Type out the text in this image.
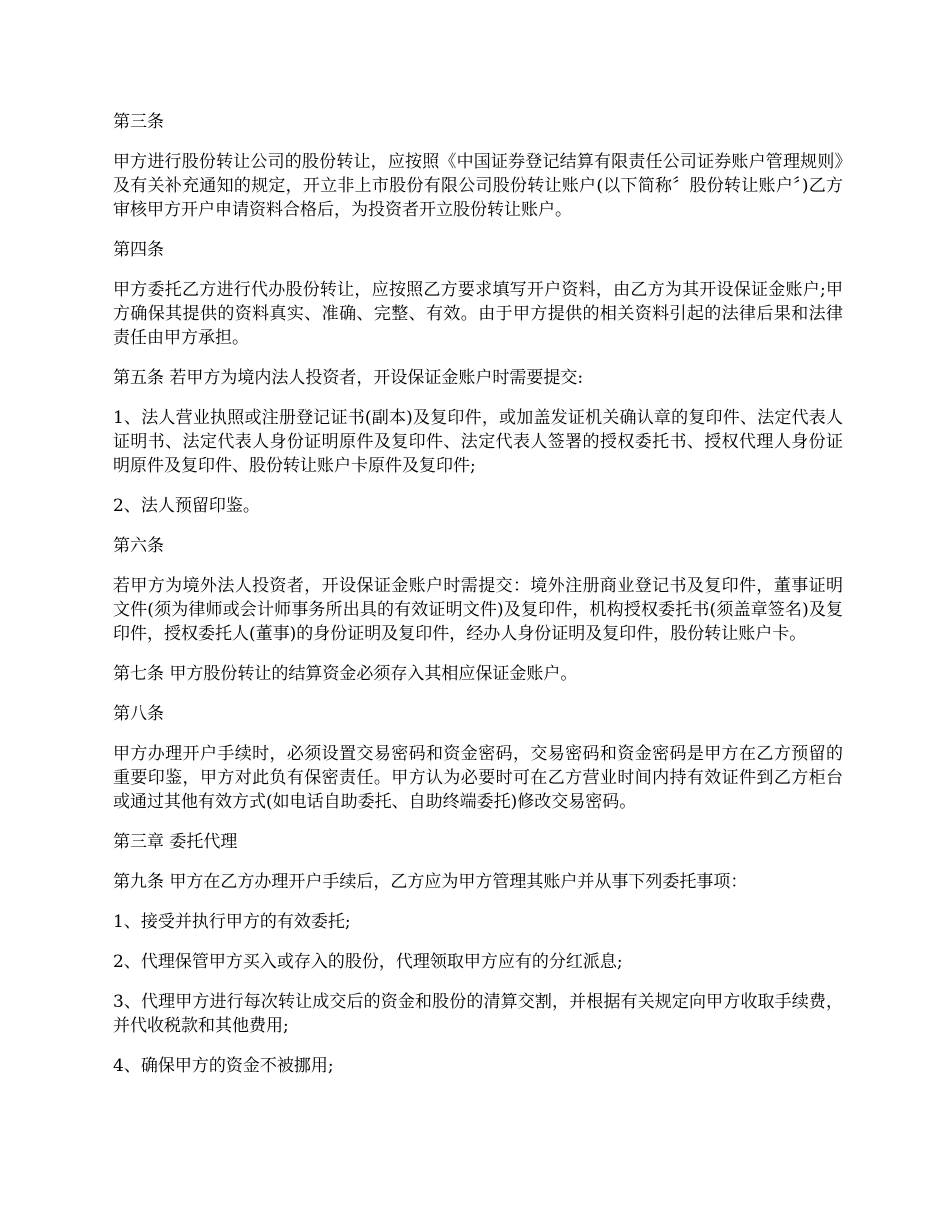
第三条

甲方进行股份转让公司的股份转让，应按照《中国证券登记结算有限责任公司证券账户管理规则》及有关补充通知的规定，开立非上市股份有限公司股份转让账户(以下简称〞股份转让账户〞)乙方审核甲方开户申请资料合格后，为投资者开立股份转让账户。

第四条

甲方委托乙方进行代办股份转让，应按照乙方要求填写开户资料，由乙方为其开设保证金账户;甲方确保其提供的资料真实、准确、完整、有效。由于甲方提供的相关资料引起的法律后果和法律责任由甲方承担。

第五条 若甲方为境内法人投资者，开设保证金账户时需要提交:

1、法人营业执照或注册登记证书(副本)及复印件，或加盖发证机关确认章的复印件、法定代表人证明书、法定代表人身份证明原件及复印件、法定代表人签署的授权委托书、授权代理人身份证明原件及复印件、股份转让账户卡原件及复印件;

2、法人预留印鉴。

第六条

若甲方为境外法人投资者，开设保证金账户时需提交：境外注册商业登记书及复印件，董事证明文件(须为律师或会计师事务所出具的有效证明文件)及复印件，机构授权委托书(须盖章签名)及复印件，授权委托人(董事)的身份证明及复印件，经办人身份证明及复印件，股份转让账户卡。

第七条 甲方股份转让的结算资金必须存入其相应保证金账户。

第八条

甲方办理开户手续时，必须设置交易密码和资金密码，交易密码和资金密码是甲方在乙方预留的重要印鉴，甲方对此负有保密责任。甲方认为必要时可在乙方营业时间内持有效证件到乙方柜台或通过其他有效方式(如电话自助委托、自助终端委托)修改交易密码。

第三章 委托代理

第九条 甲方在乙方办理开户手续后，乙方应为甲方管理其账户并从事下列委托事项：

1、接受并执行甲方的有效委托;

2、代理保管甲方买入或存入的股份，代理领取甲方应有的分红派息;

3、代理甲方进行每次转让成交后的资金和股份的清算交割，并根据有关规定向甲方收取手续费，并代收税款和其他费用;

4、确保甲方的资金不被挪用;
